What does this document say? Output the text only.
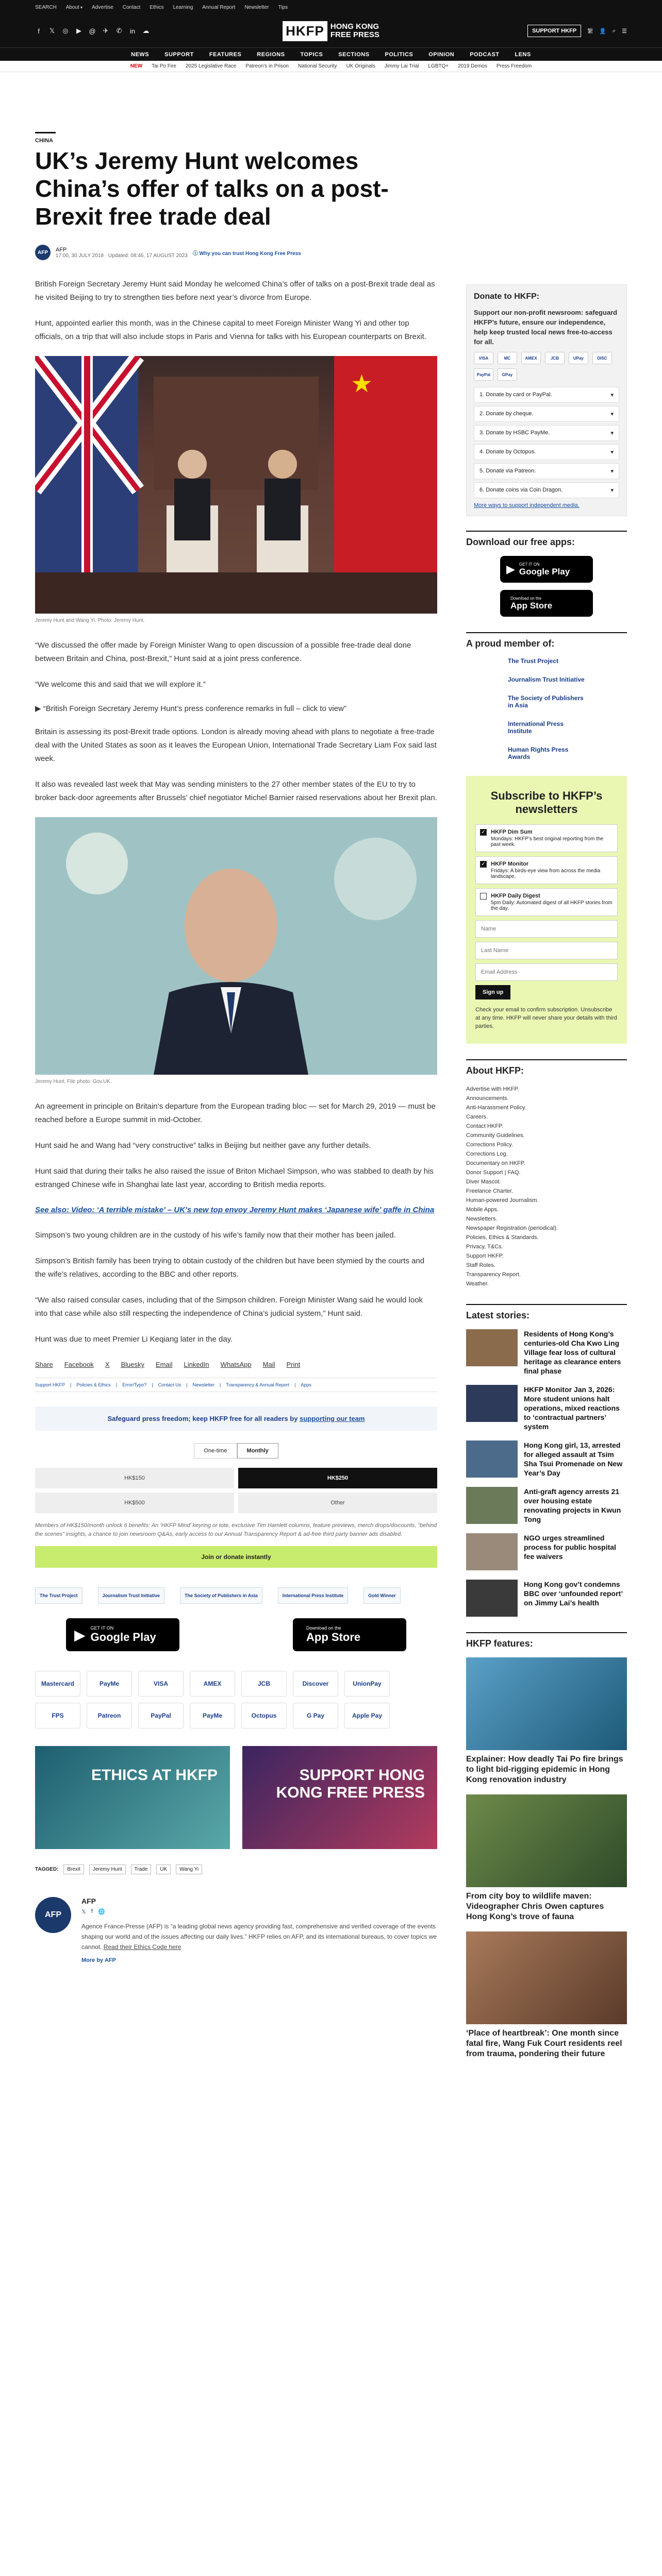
SEARCH About ▾	Advertise Contact Ethics Learning Annual Report Newsletter Tips
f	𝕏 ◎ ▶ @ ✈ ✆ in ☁	HKFP HONG KONG
FREE PRESS	SUPPORT HKFP	繁 👤 ⌕ ☰
NEWS	SUPPORT	FEATURES	REGIONS	TOPICS	SECTIONS	POLITICS	OPINION	PODCAST	LENS
NEW Tai Po Fire 2025 Legislative Race Patreon's in Prison National Security UK Originals Jimmy Lai Trial LGBTQ+ 2019 Demos Press Freedom
CHINA
UK’s Jeremy Hunt welcomes China’s offer of talks on a post-Brexit free trade deal
AFP	AFP
17:00, 30 JULY 2018 · Updated: 08:46, 17 AUGUST 2023 ⓘ Why you can trust Hong Kong Free Press

British Foreign Secretary Jeremy Hunt said Monday he welcomed China’s offer of talks on a post-Brexit trade deal as he visited Beijing to try to strengthen ties before next year’s divorce from Europe.

Hunt, appointed earlier this month, was in the Chinese capital to meet Foreign Minister Wang Yi and other top officials, on a trip that will also include stops in Paris and Vienna for talks with his European counterparts on Brexit.

★
Jeremy Hunt and Wang Yi. Photo: Jeremy Hunt.

“We discussed the offer made by Foreign Minister Wang to open discussion of a possible free-trade deal done between Britain and China, post-Brexit,” Hunt said at a joint press conference.

“We welcome this and said that we will explore it.”

▶ “British Foreign Secretary Jeremy Hunt’s press conference remarks in full – click to view”

Britain is assessing its post-Brexit trade options. London is already moving ahead with plans to negotiate a free-trade deal with the United States as soon as it leaves the European Union, International Trade Secretary Liam Fox said last week.

It also was revealed last week that May was sending ministers to the 27 other member states of the EU to try to broker back-door agreements after Brussels’ chief negotiator Michel Barnier raised reservations about her Brexit plan.

Jeremy Hunt. File photo: Gov.UK.

An agreement in principle on Britain’s departure from the European trading bloc — set for March 29, 2019 — must be reached before a Europe summit in mid-October.

Hunt said he and Wang had “very constructive” talks in Beijing but neither gave any further details.

Hunt said that during their talks he also raised the issue of Briton Michael Simpson, who was stabbed to death by his estranged Chinese wife in Shanghai late last year, according to British media reports.

See also: Video: ‘A terrible mistake’ – UK’s new top envoy Jeremy Hunt makes ‘Japanese wife’ gaffe in China

Simpson’s two young children are in the custody of his wife’s family now that their mother has been jailed.

Simpson’s British family has been trying to obtain custody of the children but have been stymied by the courts and the wife’s relatives, according to the BBC and other reports.

“We also raised consular cases, including that of the Simpson children. Foreign Minister Wang said he would look into that case while also still respecting the independence of China’s judicial system,” Hunt said.

Hunt was due to meet Premier Li Keqiang later in the day.

Share Facebook X Bluesky Email LinkedIn WhatsApp Mail Print
Support HKFP | Policies & Ethics | Error/Typo? | Contact Us | Newsletter | Transparency & Annual Report | Apps
Safeguard press freedom; keep HKFP free for all readers by supporting our team
One-time	Monthly
HK$150	HK$250
HK$500	Other
Members of HK$150/month unlock 6 benefits: An ‘HKFP Mind’ keyring or tote, exclusive Tim Hamlett columns, feature previews, merch drops/discounts, “behind the scenes” insights, a chance to join newsroom Q&As, early access to our Annual Transparency Report & ad-free third party banner ads disabled.
Join or donate instantly
The Trust Project	Journalism Trust Initiative	The Society of Publishers in Asia	International Press Institute	Gold Winner
▶ GET IT ON
Google Play
Download on the
App Store
Mastercard	PayMe	VISA	AMEX	JCB	Discover	UnionPay
FPS	Patreon	PayPal	PayMe	Octopus	G Pay	Apple Pay
ETHICS AT HKFP	SUPPORT HONG KONG FREE PRESS
TAGGED:	Brexit	Jeremy Hunt	Trade	UK	Wang Yi
AFP
AFP
𝕏 f 🌐

Agence France-Presse (AFP) is “a leading global news agency providing fast, comprehensive and verified coverage of the events shaping our world and of the issues affecting our daily lives.” HKFP relies on AFP, and its international bureaus, to cover topics we cannot. Read their Ethics Code here

More by AFP
Donate to HKFP:
Support our non-profit newsroom: safeguard HKFP’s future, ensure our independence, help keep trusted local news free-to-access for all.
VISA	MC	AMEX	JCB	UPay	DISC
PayPal	GPay
1. Donate by card or PayPal.	▾
2. Donate by cheque.	▾
3. Donate by HSBC PayMe.	▾
4. Donate by Octopus.	▾
5. Donate via Patreon.	▾
6. Donate coins via Coin Dragon.	▾
More ways to support independent media.
Download our free apps:
▶ GET IT ON
Google Play
Download on the
App Store
A proud member of:
The Trust Project
Journalism Trust Initiative
The Society of Publishers in Asia
International Press Institute
Human Rights Press Awards
Subscribe to HKFP’s newsletters
✓ HKFP Dim Sum
Mondays: HKFP’s best original reporting from the past week.
✓ HKFP Monitor
Fridays: A birds-eye view from across the media landscape.
HKFP Daily Digest
5pm Daily: Automated digest of all HKFP stories from the day.
Name Last Name Email Address Sign up
Check your email to confirm subscription. Unsubscribe at any time. HKFP will never share your details with third parties.
About HKFP:
Advertise with HKFP.
Announcements.
Anti-Harassment Policy.
Careers.
Contact HKFP.
Community Guidelines.
Corrections Policy.
Corrections Log.
Documentary on HKFP.
Donor Support | FAQ.
Diver Mascot.
Freelance Charter.
Human-powered Journalism.
Mobile Apps.
Newsletters.
Newspaper Registration (periodical).
Policies, Ethics & Standards.
Privacy, T&Cs.
Support HKFP.
Staff Roles.
Transparency Report.
Weather.
Latest stories:
Residents of Hong Kong’s centuries-old Cha Kwo Ling Village fear loss of cultural heritage as clearance enters final phase
HKFP Monitor Jan 3, 2026: More student unions halt operations, mixed reactions to ‘contractual partners’ system
Hong Kong girl, 13, arrested for alleged assault at Tsim Sha Tsui Promenade on New Year’s Day
Anti-graft agency arrests 21 over housing estate renovating projects in Kwun Tong
NGO urges streamlined process for public hospital fee waivers
Hong Kong gov’t condemns BBC over ‘unfounded report’ on Jimmy Lai’s health
HKFP features:
Explainer: How deadly Tai Po fire brings to light bid-rigging epidemic in Hong Kong renovation industry
From city boy to wildlife maven: Videographer Chris Owen captures Hong Kong’s trove of fauna
‘Place of heartbreak’: One month since fatal fire, Wang Fuk Court residents reel from trauma, pondering their future
